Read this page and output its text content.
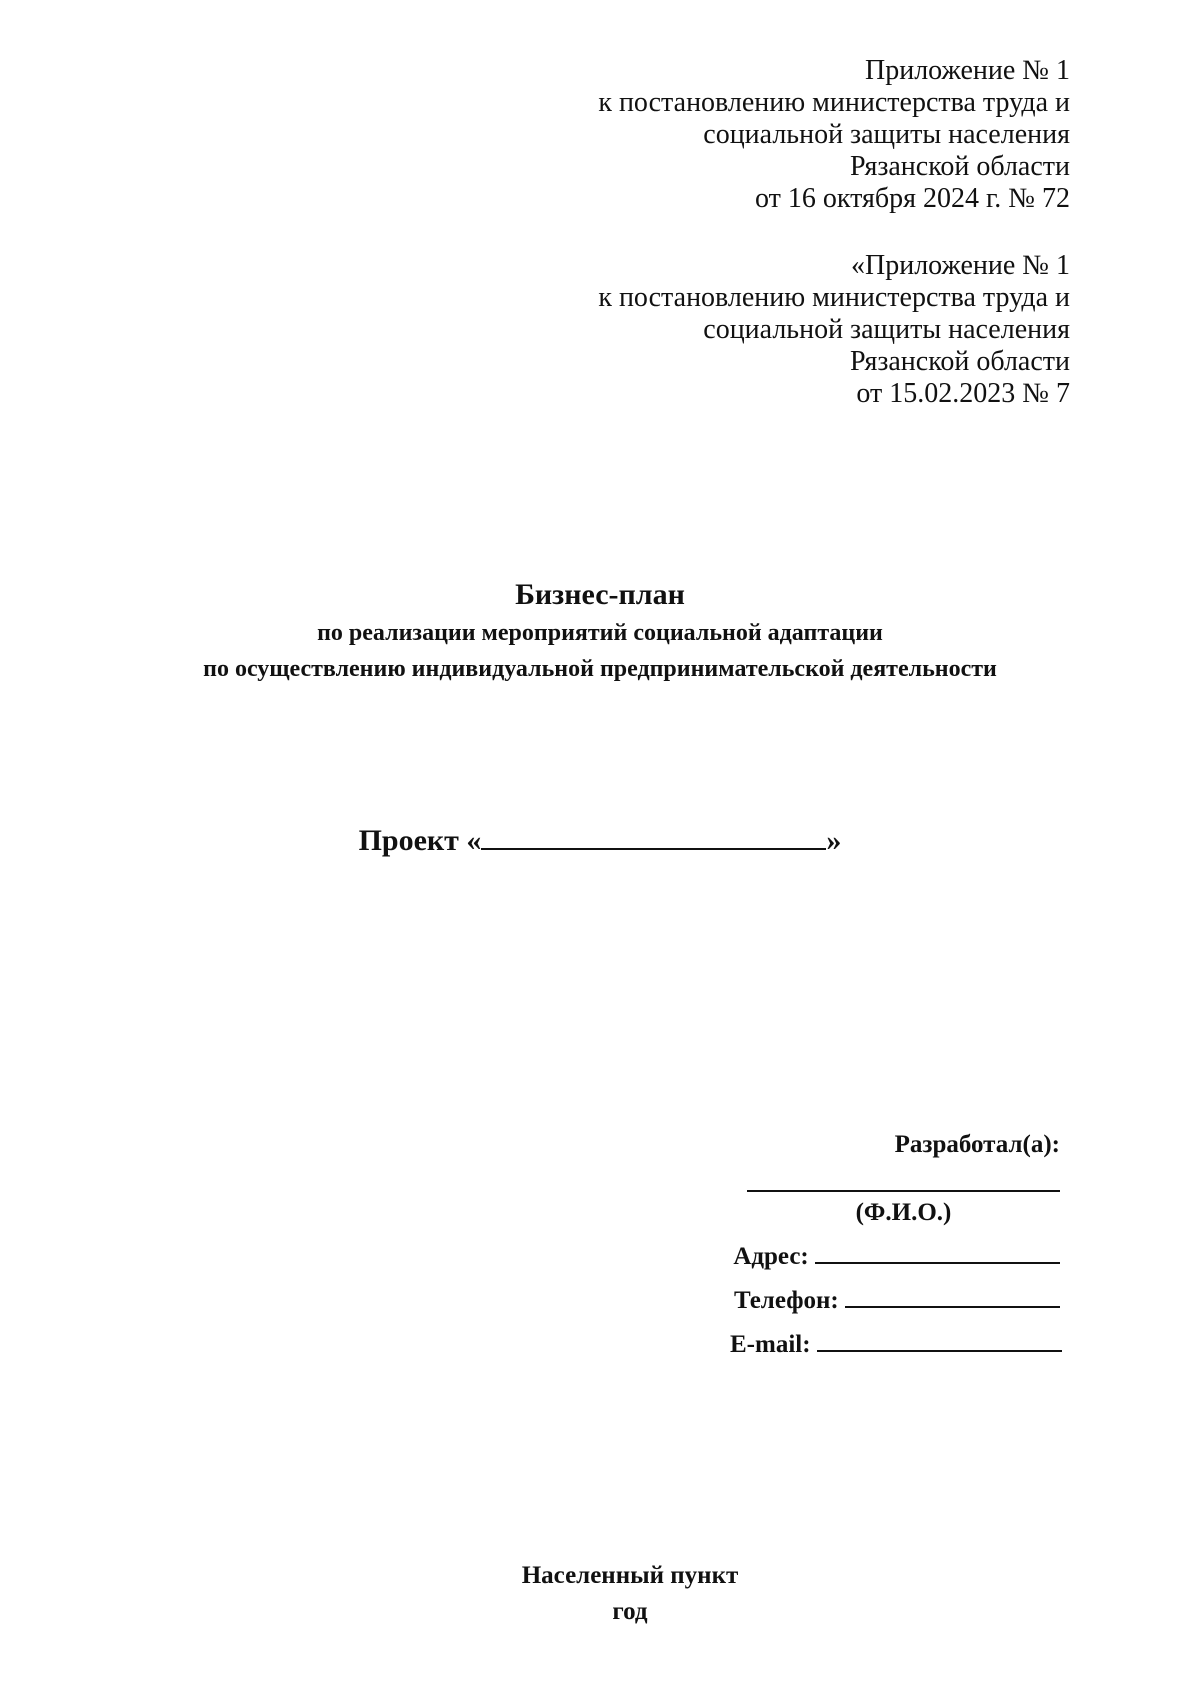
Приложение № 1
к постановлению министерства труда и
социальной защиты населения
Рязанской области
от 16 октября 2024 г. № 72
«Приложение № 1
к постановлению министерства труда и
социальной защиты населения
Рязанской области
от 15.02.2023 № 7
Бизнес-план
по реализации мероприятий социальной адаптации
по осуществлению индивидуальной предпринимательской деятельности
Проект «	»
Разработал(а):
(Ф.И.О.)
Адрес:
Телефон:
E-mail:
Населенный пункт
год
